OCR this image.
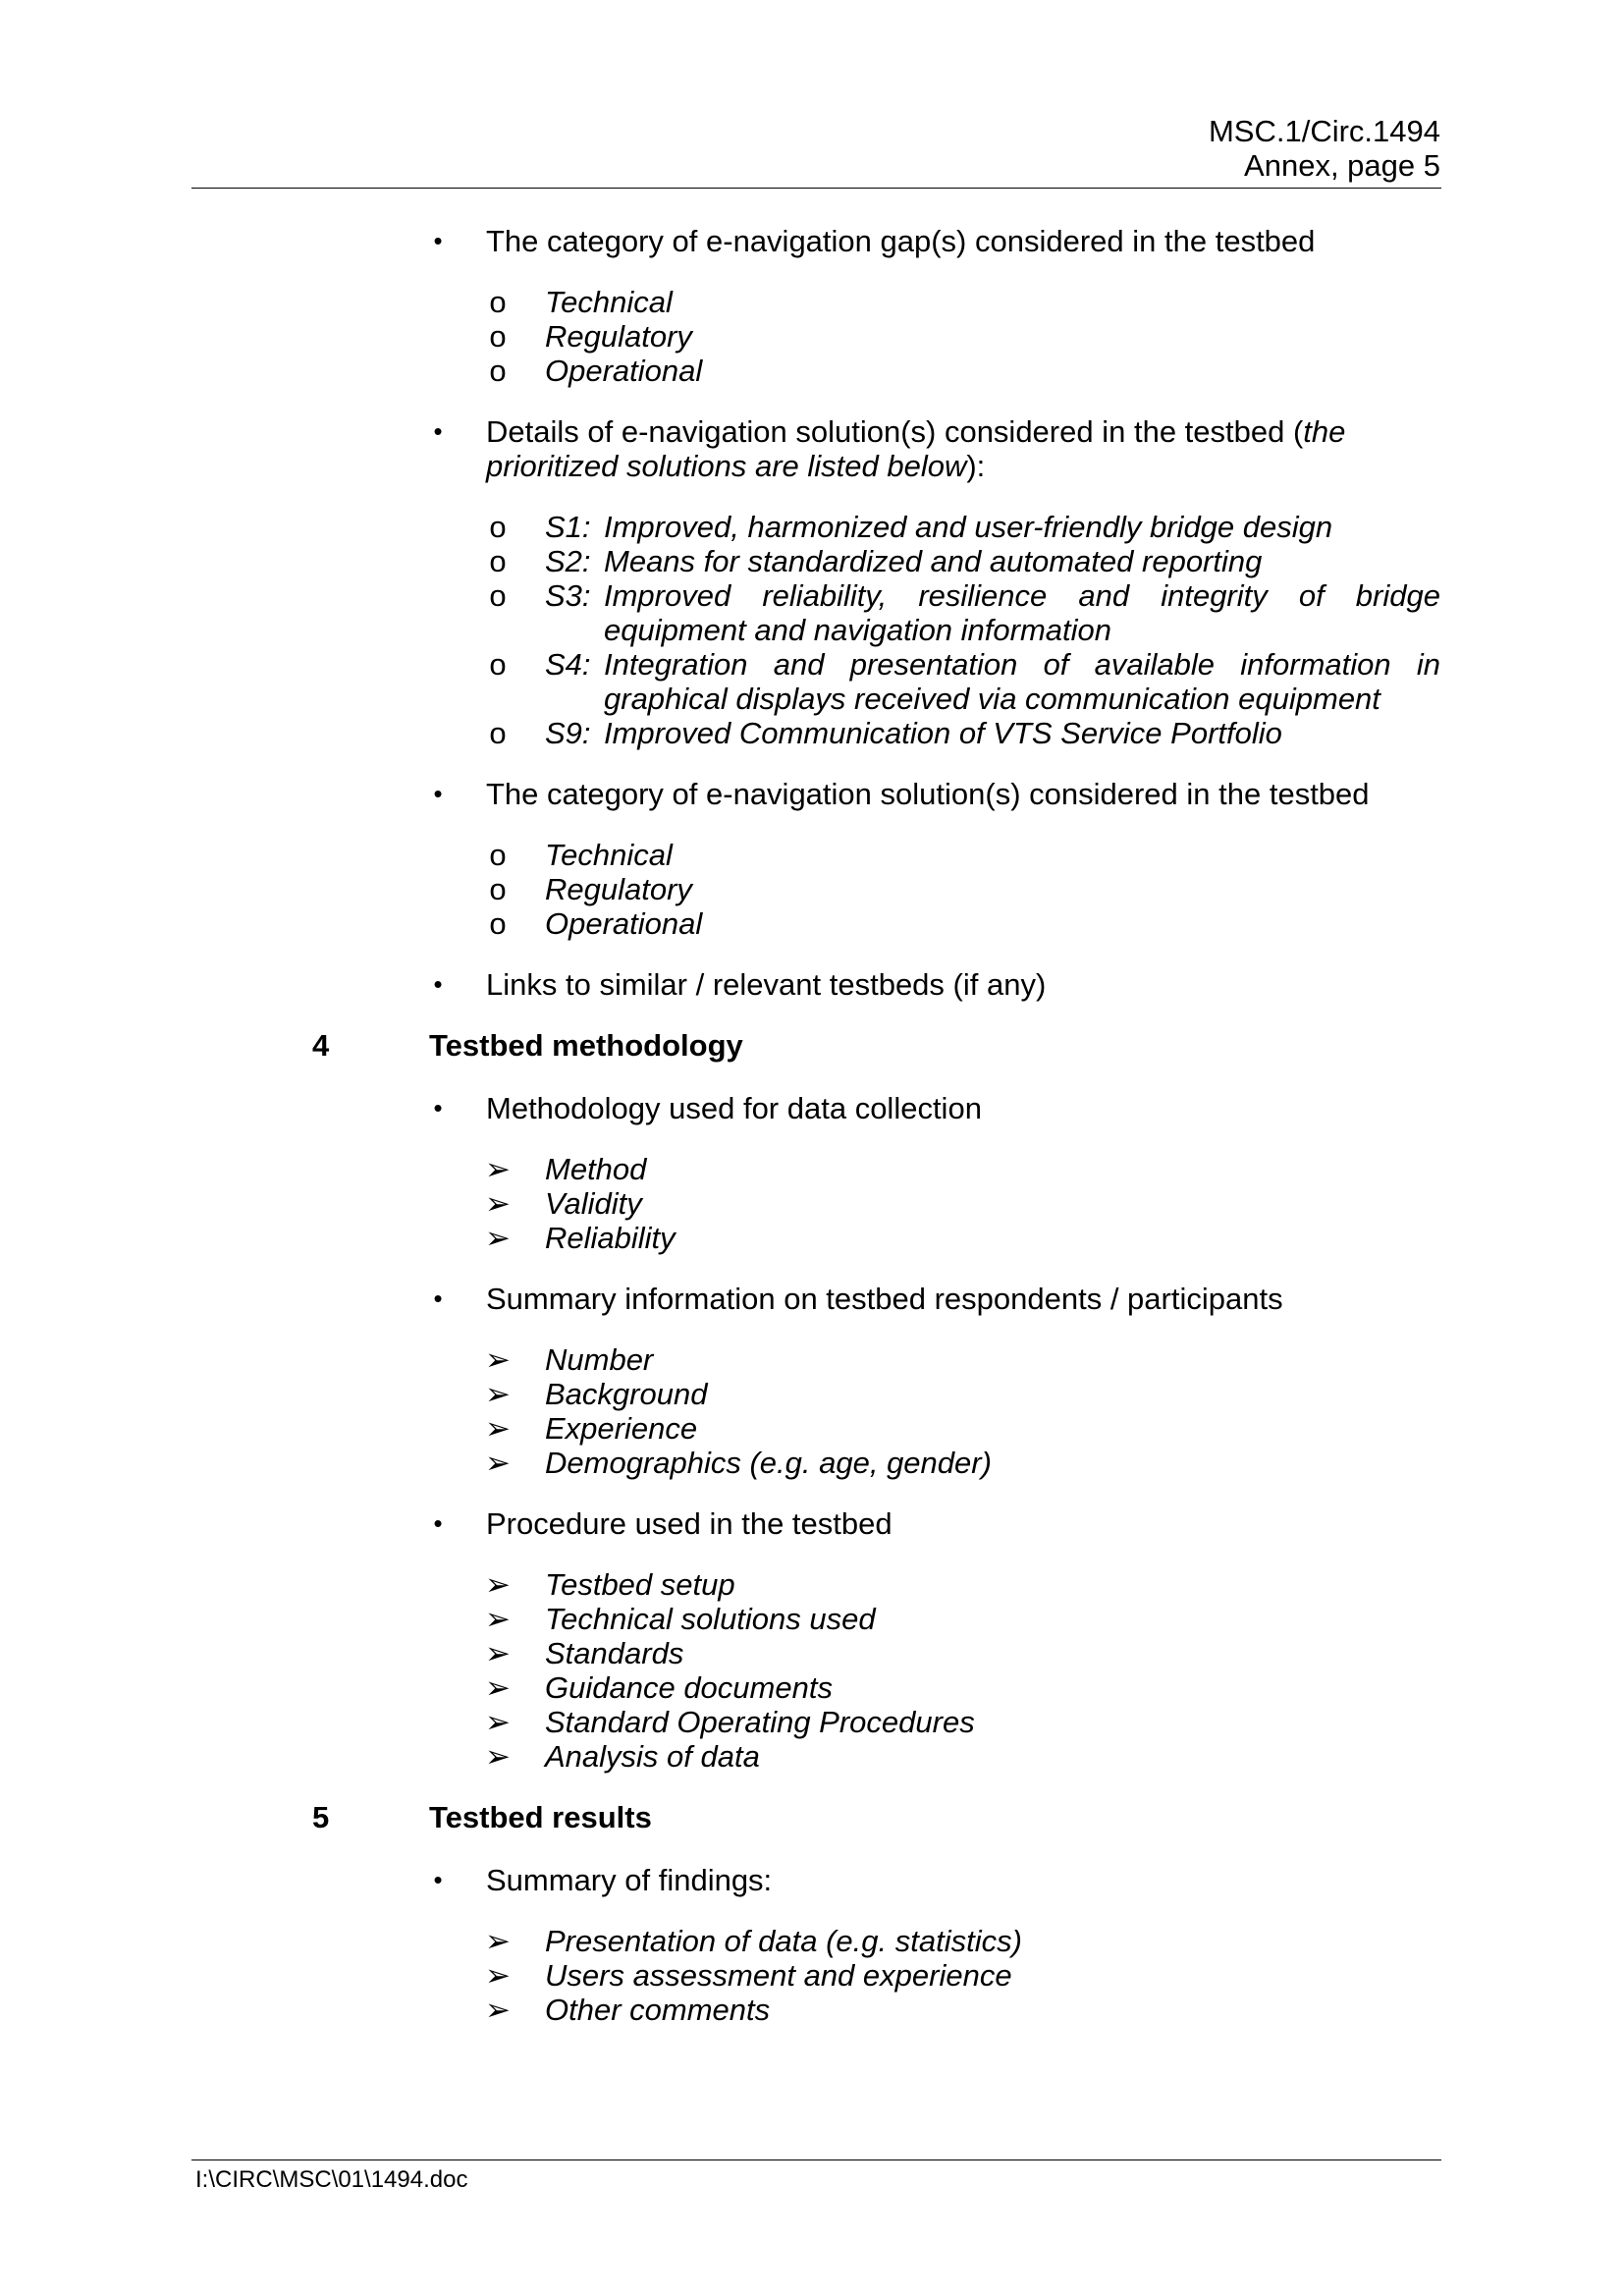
MSC.1/Circ.1494
Annex, page 5
• The category of e-navigation gap(s) considered in the testbed
o Technical
o Regulatory
o Operational
• Details of e-navigation solution(s) considered in the testbed (the prioritized solutions are listed below):
o S1: Improved, harmonized and user-friendly bridge design
o S2: Means for standardized and automated reporting
o S3: Improved reliability, resilience and integrity of bridge equipment and navigation information
o S4: Integration and presentation of available information in graphical displays received via communication equipment
o S9: Improved Communication of VTS Service Portfolio
• The category of e-navigation solution(s) considered in the testbed
o Technical
o Regulatory
o Operational
• Links to similar / relevant testbeds (if any)
4	Testbed methodology
• Methodology used for data collection
➢ Method
➢ Validity
➢ Reliability
• Summary information on testbed respondents / participants
➢ Number
➢ Background
➢ Experience
➢ Demographics (e.g. age, gender)
• Procedure used in the testbed
➢ Testbed setup
➢ Technical solutions used
➢ Standards
➢ Guidance documents
➢ Standard Operating Procedures
➢ Analysis of data
5	Testbed results
• Summary of findings:
➢ Presentation of data (e.g. statistics)
➢ Users assessment and experience
➢ Other comments
I:\CIRC\MSC\01\1494.doc
